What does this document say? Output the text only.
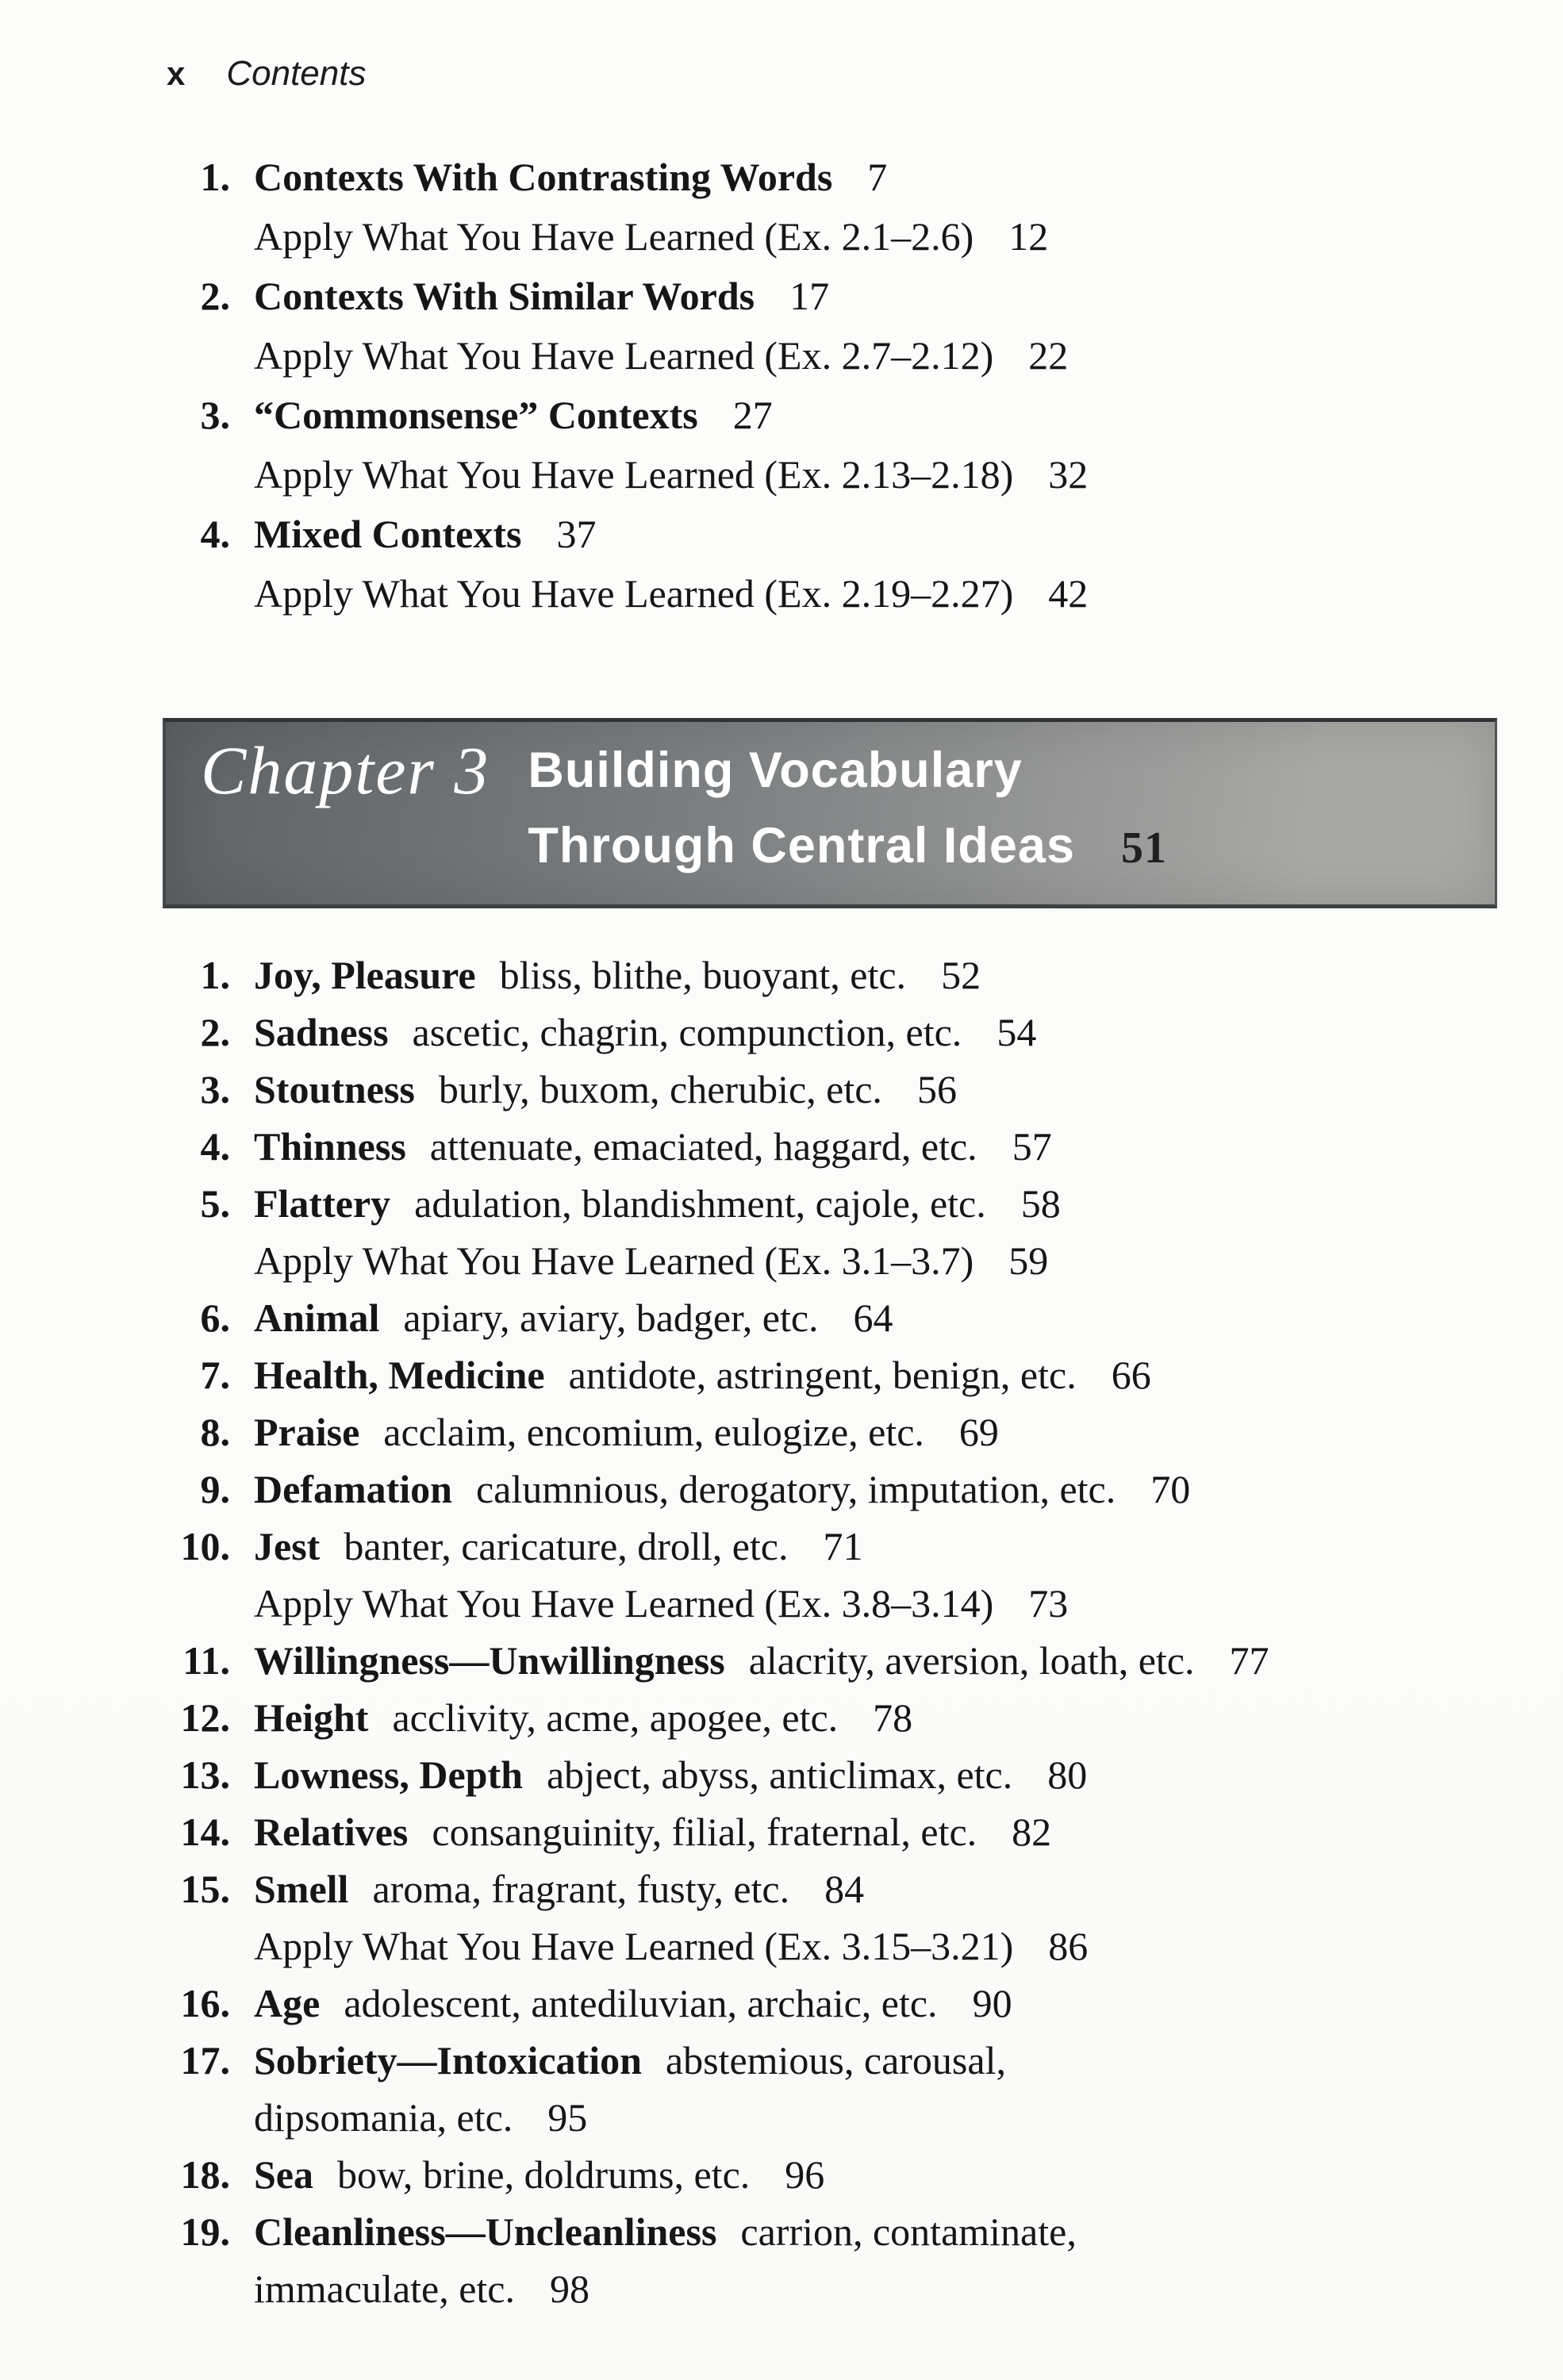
x Contents
1. Contexts With Contrasting Words 7
Apply What You Have Learned (Ex. 2.1–2.6) 12
2. Contexts With Similar Words 17
Apply What You Have Learned (Ex. 2.7–2.12) 22
3. “Commonsense” Contexts 27
Apply What You Have Learned (Ex. 2.13–2.18) 32
4. Mixed Contexts 37
Apply What You Have Learned (Ex. 2.19–2.27) 42
Chapter 3 Building Vocabulary
Through Central Ideas 51
1. Joy, Pleasure bliss, blithe, buoyant, etc. 52
2. Sadness ascetic, chagrin, compunction, etc. 54
3. Stoutness burly, buxom, cherubic, etc. 56
4. Thinness attenuate, emaciated, haggard, etc. 57
5. Flattery adulation, blandishment, cajole, etc. 58
Apply What You Have Learned (Ex. 3.1–3.7) 59
6. Animal apiary, aviary, badger, etc. 64
7. Health, Medicine antidote, astringent, benign, etc. 66
8. Praise acclaim, encomium, eulogize, etc. 69
9. Defamation calumnious, derogatory, imputation, etc. 70
10. Jest banter, caricature, droll, etc. 71
Apply What You Have Learned (Ex. 3.8–3.14) 73
11. Willingness—Unwillingness alacrity, aversion, loath, etc. 77
12. Height acclivity, acme, apogee, etc. 78
13. Lowness, Depth abject, abyss, anticlimax, etc. 80
14. Relatives consanguinity, filial, fraternal, etc. 82
15. Smell aroma, fragrant, fusty, etc. 84
Apply What You Have Learned (Ex. 3.15–3.21) 86
16. Age adolescent, antediluvian, archaic, etc. 90
17. Sobriety—Intoxication abstemious, carousal,
dipsomania, etc. 95
18. Sea bow, brine, doldrums, etc. 96
19. Cleanliness—Uncleanliness carrion, contaminate,
immaculate, etc. 98
